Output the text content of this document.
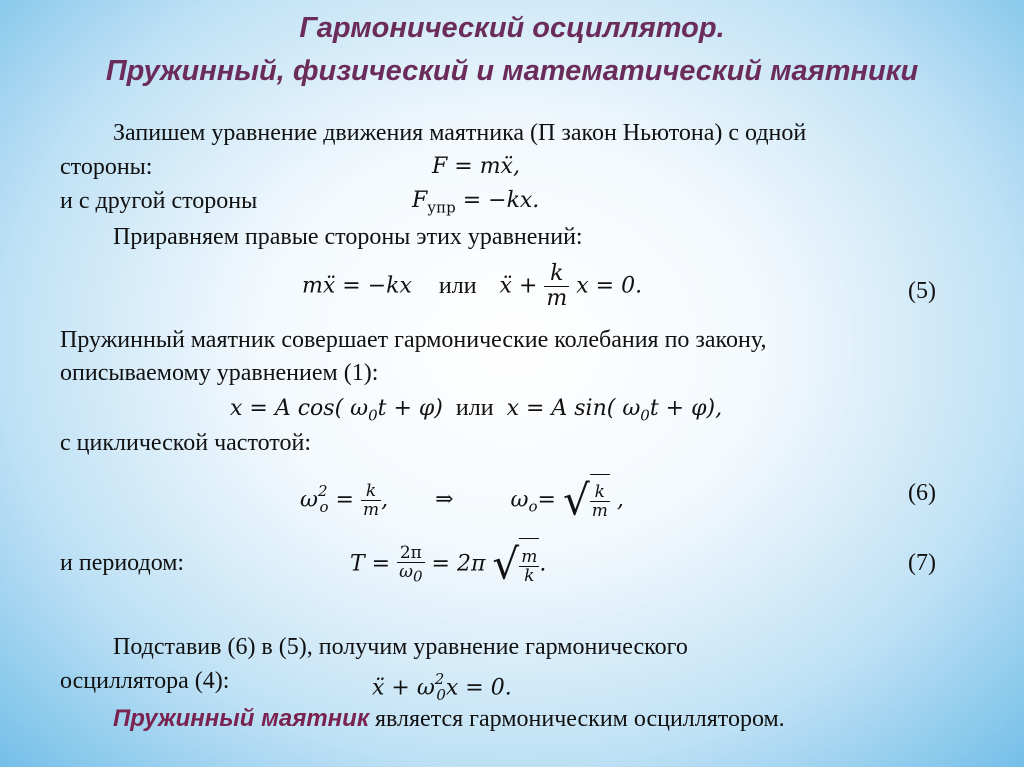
Гармонический осциллятор.
Пружинный, физический и математический маятники
Запишем уравнение движения маятника (П закон Ньютона) с одной
стороны:	F = mẍ,
и с другой стороны	$F_{упр} = -kx$.
Приравняем правые стороны этих уравнений:
mẍ = −kx или ẍ + $\frac{k}{m}$ x = 0.	(5)
Пружинный маятник совершает гармонические колебания по закону,
описываемому уравнением (1):
x = A cos( $\omega_0t + \varphi$) или x = A sin( $\omega_0t + \varphi$),
с циклической частотой:
$\omega^2_o = \frac{k}{m}$ , ⇒	$\omega_o=$ √ $\frac{k}{m}$ ,	(6)
и периодом:	$T = \frac{2\pi}{\omega_0} = 2\pi$ √ $\frac{m}{k}$ .	(7)
Подставив (6) в (5), получим уравнение гармонического
осциллятора (4):	ẍ + $\omega^2_0x = 0$.
Пружинный маятник является гармоническим осциллятором.
